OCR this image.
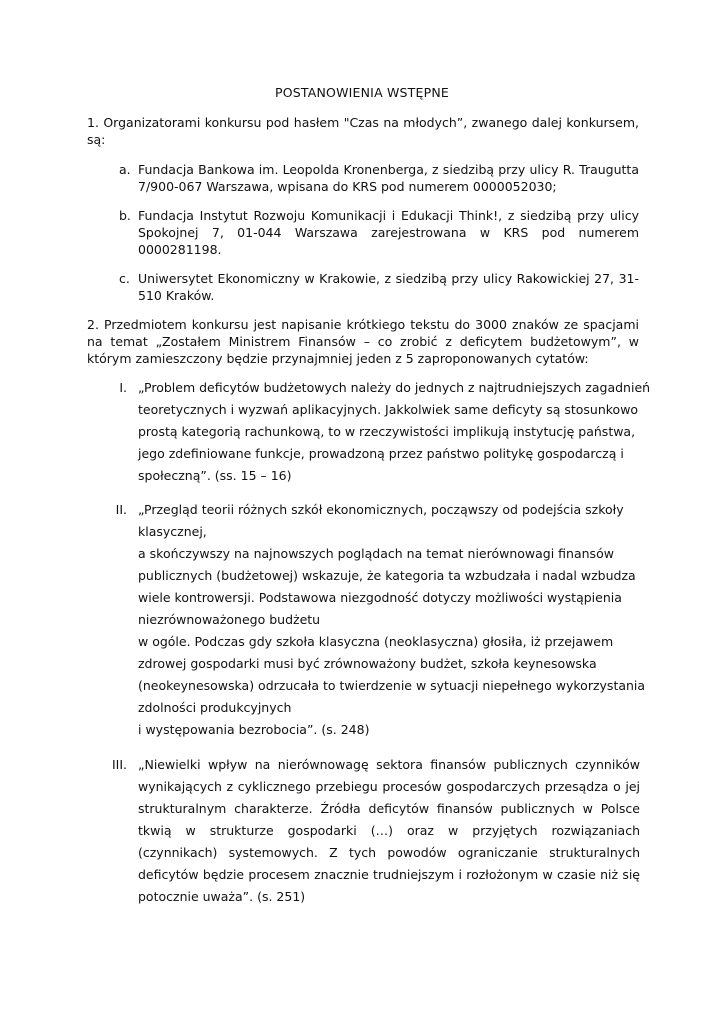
POSTANOWIENIA WSTĘPNE
1. Organizatorami konkursu pod hasłem "Czas na młodych”, zwanego dalej konkursem, są:
a. Fundacja Bankowa im. Leopolda Kronenberga, z siedzibą przy ulicy R. Traugutta 7/900-067 Warszawa, wpisana do KRS pod numerem 0000052030;
b. Fundacja Instytut Rozwoju Komunikacji i Edukacji Think!, z siedzibą przy ulicy Spokojnej 7, 01-044 Warszawa zarejestrowana w KRS pod numerem 0000281198.
c. Uniwersytet Ekonomiczny w Krakowie, z siedzibą przy ulicy Rakowickiej 27, 31-510 Kraków.
2. Przedmiotem konkursu jest napisanie krótkiego tekstu do 3000 znaków ze spacjami na temat „Zostałem Ministrem Finansów – co zrobić z deficytem budżetowym”, w którym zamieszczony będzie przynajmniej jeden z 5 zaproponowanych cytatów:
I. „Problem deficytów budżetowych należy do jednych z najtrudniejszych zagadnień
teoretycznych i wyzwań aplikacyjnych. Jakkolwiek same deficyty są stosunkowo
prostą kategorią rachunkową, to w rzeczywistości implikują instytucję państwa,
jego zdefiniowane funkcje, prowadzoną przez państwo politykę gospodarczą i
społeczną”. (ss. 15 – 16)
II. „Przegląd teorii różnych szkół ekonomicznych, począwszy od podejścia szkoły
klasycznej,
a skończywszy na najnowszych poglądach na temat nierównowagi finansów
publicznych (budżetowej) wskazuje, że kategoria ta wzbudzała i nadal wzbudza
wiele kontrowersji. Podstawowa niezgodność dotyczy możliwości wystąpienia
niezrównoważonego budżetu
w ogóle. Podczas gdy szkoła klasyczna (neoklasyczna) głosiła, iż przejawem
zdrowej gospodarki musi być zrównoważony budżet, szkoła keynesowska
(neokeynesowska) odrzucała to twierdzenie w sytuacji niepełnego wykorzystania
zdolności produkcyjnych
i występowania bezrobocia”. (s. 248)
III. „Niewielki wpływ na nierównowagę sektora finansów publicznych czynników wynikających z cyklicznego przebiegu procesów gospodarczych przesądza o jej strukturalnym charakterze. Źródła deficytów finansów publicznych w Polsce tkwią w strukturze gospodarki (…) oraz w przyjętych rozwiązaniach (czynnikach) systemowych. Z tych powodów ograniczanie strukturalnych deficytów będzie procesem znacznie trudniejszym i rozłożonym w czasie niż się potocznie uważa”. (s. 251)
